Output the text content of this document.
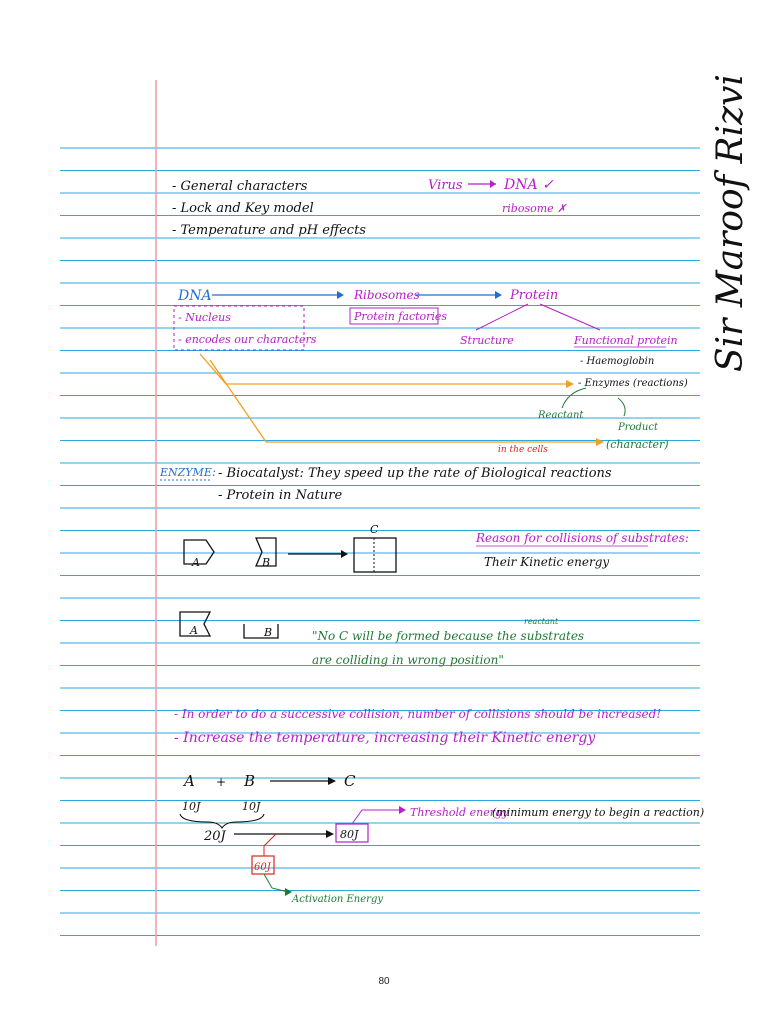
- General characters
- Lock and Key model
- Temperature and pH effects
Virus	DNA ✓
ribosome ✗
DNA	Ribosomes	Protein
- Nucleus
- encodes our characters
Protein factories
Structure	Functional protein
- Haemoglobin
- Enzymes (reactions)
Reactant
Product
(character)
in the cells
ENZYME : - Biocatalyst: They speed up the rate of Biological reactions
- Protein in Nature
A	B
C
Reason for collisions of substrates:
Their Kinetic energy
A	B
reactant
"No C will be formed because the substrates
are colliding in wrong position"
- In order to do a successive collision, number of collisions should be increased!
- Increase the temperature, increasing their Kinetic energy
A + B	C
10J	10J
20J	80J
Threshold energy
(minimum energy to begin a reaction)
60J
Activation Energy
Sir Maroof Rizvi
80
